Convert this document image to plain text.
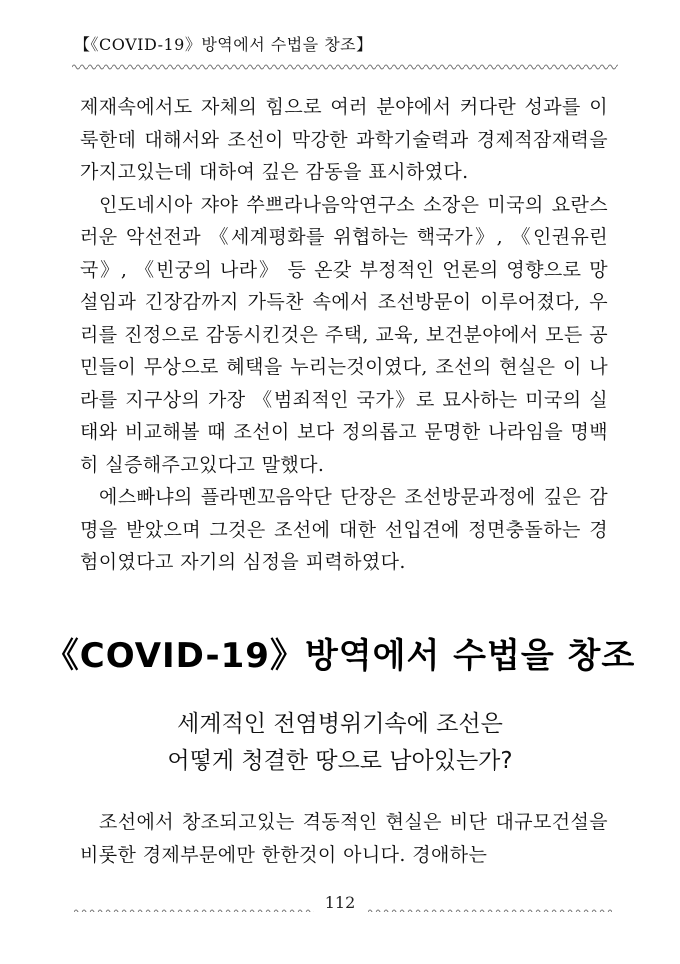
【《COVID-19》방역에서 수법을 창조】

제재속에서도 자체의 힘으로 여러 분야에서 커다란 성과를 이룩한데 대해서와 조선이 막강한 과학기술력과 경제적잠재력을 가지고있는데 대하여 깊은 감동을 표시하였다.

인도네시아 쟈야 쑤쁘라나음악연구소 소장은 미국의 요란스러운 악선전과 《세계평화를 위협하는 핵국가》, 《인권유린국》, 《빈궁의 나라》 등 온갖 부정적인 언론의 영향으로 망설임과 긴장감까지 가득찬 속에서 조선방문이 이루어졌다, 우리를 진정으로 감동시킨것은 주택, 교육, 보건분야에서 모든 공민들이 무상으로 혜택을 누리는것이였다, 조선의 현실은 이 나라를 지구상의 가장 《범죄적인 국가》로 묘사하는 미국의 실태와 비교해볼 때 조선이 보다 정의롭고 문명한 나라임을 명백히 실증해주고있다고 말했다.

에스빠냐의 플라멘꼬음악단 단장은 조선방문과정에 깊은 감명을 받았으며 그것은 조선에 대한 선입견에 정면충돌하는 경험이였다고 자기의 심정을 피력하였다.

《COVID-19》방역에서 수법을 창조
세계적인 전염병위기속에 조선은
어떻게 청결한 땅으로 남아있는가?

조선에서 창조되고있는 격동적인 현실은 비단 대규모건설을 비롯한 경제부문에만 한한것이 아니다. 경애하는

112
